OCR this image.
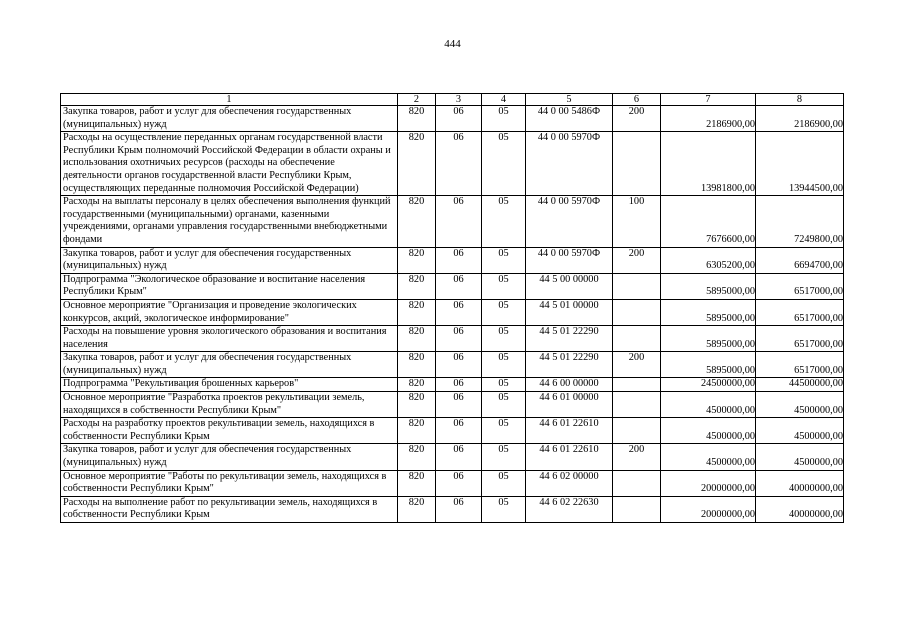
444
1	2	3	4	5	6	7	8
Закупка товаров, работ и услуг для обеспечения государственных (муниципальных) нужд	820	06	05	44 0 00 5486Ф	200	2186900,00	2186900,00
Расходы на осуществление переданных органам государственной власти Республики Крым полномочий Российской Федерации в области охраны и использования охотничьих ресурсов (расходы на обеспечение деятельности органов государственной власти Республики Крым, осуществляющих переданные полномочия Российской Федерации)	820	06	05	44 0 00 5970Ф		13981800,00	13944500,00
Расходы на выплаты персоналу в целях обеспечения выполнения функций государственными (муниципальными) органами, казенными учреждениями, органами управления государственными внебюджетными фондами	820	06	05	44 0 00 5970Ф	100	7676600,00	7249800,00
Закупка товаров, работ и услуг для обеспечения государственных (муниципальных) нужд	820	06	05	44 0 00 5970Ф	200	6305200,00	6694700,00
Подпрограмма "Экологическое образование и воспитание населения Республики Крым"	820	06	05	44 5 00 00000		5895000,00	6517000,00
Основное мероприятие "Организация и проведение экологических конкурсов, акций, экологическое информирование"	820	06	05	44 5 01 00000		5895000,00	6517000,00
Расходы на повышение уровня экологического образования и воспитания населения	820	06	05	44 5 01 22290		5895000,00	6517000,00
Закупка товаров, работ и услуг для обеспечения государственных (муниципальных) нужд	820	06	05	44 5 01 22290	200	5895000,00	6517000,00
Подпрограмма "Рекультивация брошенных карьеров"	820	06	05	44 6 00 00000		24500000,00	44500000,00
Основное мероприятие "Разработка проектов рекультивации земель, находящихся в собственности Республики Крым"	820	06	05	44 6 01 00000		4500000,00	4500000,00
Расходы на разработку проектов рекультивации земель, находящихся в собственности Республики Крым	820	06	05	44 6 01 22610		4500000,00	4500000,00
Закупка товаров, работ и услуг для обеспечения государственных (муниципальных) нужд	820	06	05	44 6 01 22610	200	4500000,00	4500000,00
Основное мероприятие "Работы по рекультивации земель, находящихся в собственности Республики Крым"	820	06	05	44 6 02 00000		20000000,00	40000000,00
Расходы на выполнение работ по рекультивации земель, находящихся в собственности Республики Крым	820	06	05	44 6 02 22630		20000000,00	40000000,00
